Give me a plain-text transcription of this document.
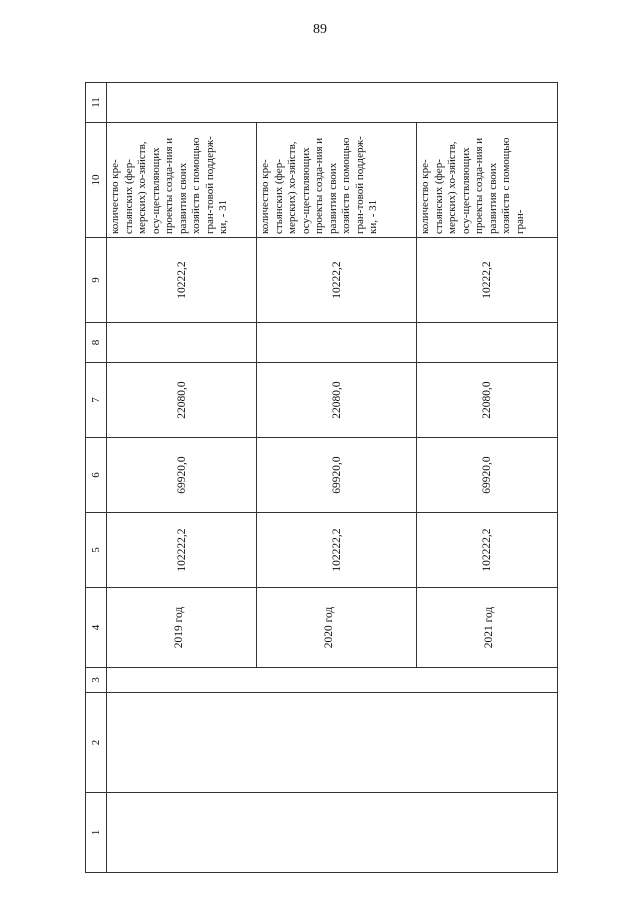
89
1	2	3	4	5	6	7	8	9	10	11

			2019 год	102222,2	69920,0	22080,0		10222,2	количество кре-стьянских (фер-мерских) хо-зяйств, осу-ществляющих проекты созда-ния и развития своих хозяйств с помощью гран-товой поддерж-ки, - 31	

			2020 год	102222,2	69920,0	22080,0		10222,2	количество кре-стьянских (фер-мерских) хо-зяйств, осу-ществляющих проекты созда-ния и развития своих хозяйств с помощью гран-товой поддерж-ки, - 31	

			2021 год	102222,2	69920,0	22080,0		10222,2	количество кре-стьянских (фер-мерских) хо-зяйств, осу-ществляющих проекты созда-ния и развития своих хозяйств с помощью гран-	
